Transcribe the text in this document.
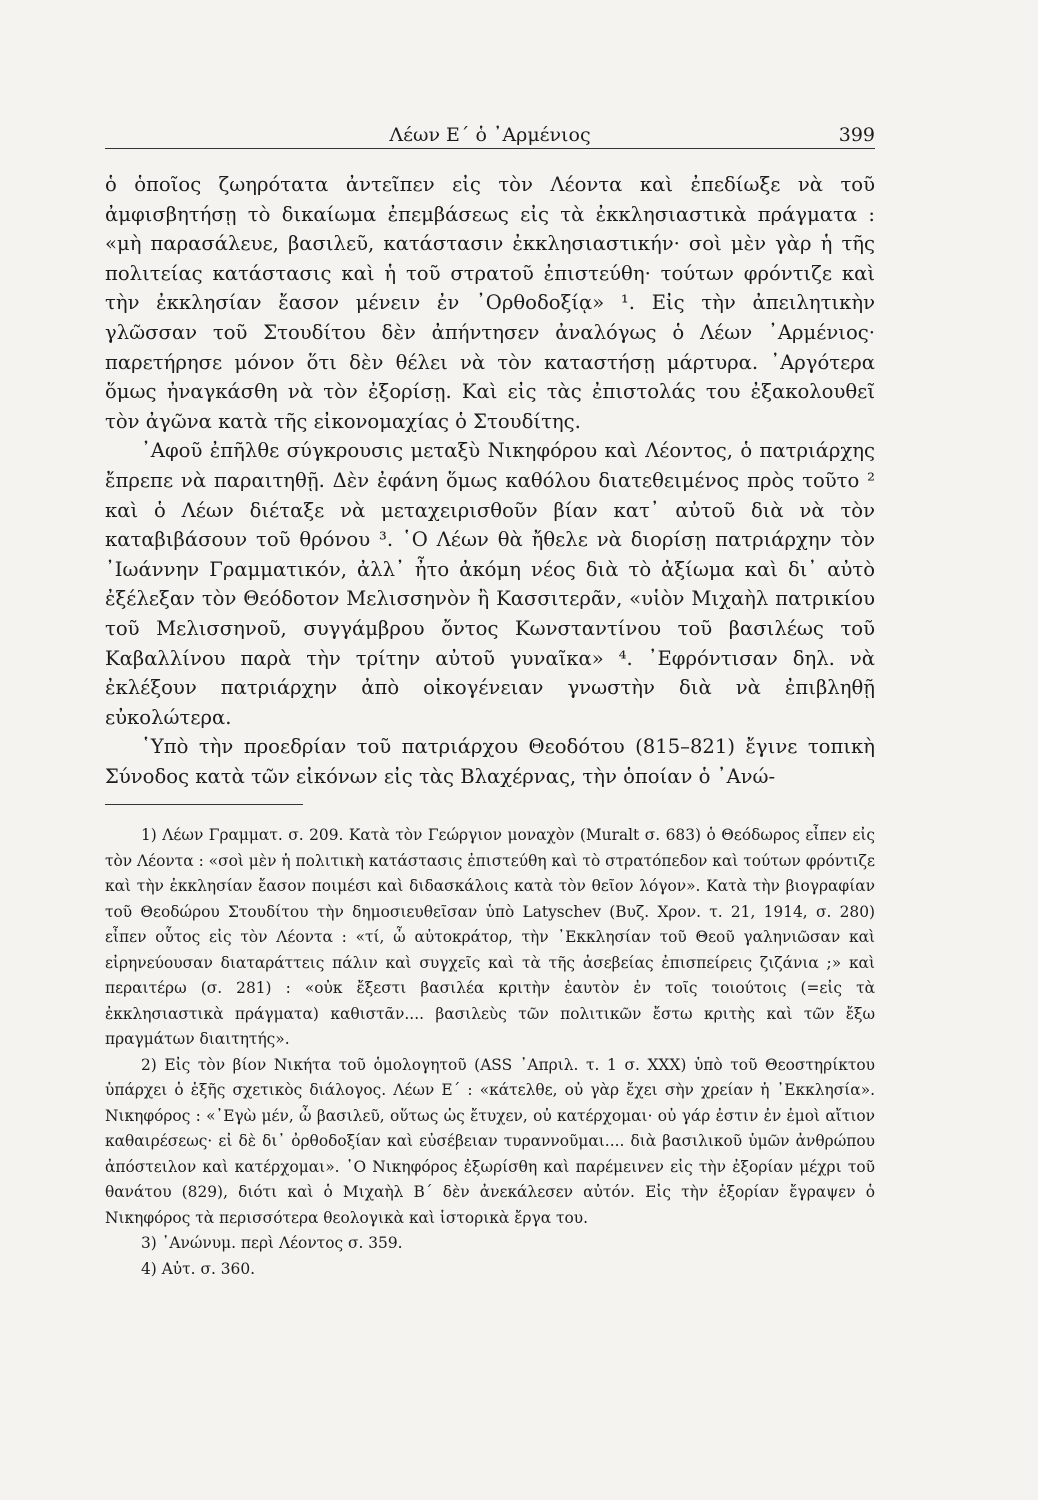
Λέων Ε΄ ὁ ᾿Αρμένιος	399

ὁ ὁποῖος ζωηρότατα ἀντεῖπεν εἰς τὸν Λέοντα καὶ ἐπεδίωξε νὰ τοῦ ἀμφισβητήσῃ τὸ δικαίωμα ἐπεμβάσεως εἰς τὰ ἐκκλησιαστικὰ πράγματα : «μὴ παρασάλευε, βασιλεῦ, κατάστασιν ἐκκλησιαστικήν· σοὶ μὲν γὰρ ἡ τῆς πολιτείας κατάστασις καὶ ἡ τοῦ στρατοῦ ἐπιστεύθη· τούτων φρόντιζε καὶ τὴν ἐκκλησίαν ἔασον μένειν ἐν ᾿Ορθοδοξίᾳ» ¹. Εἰς τὴν ἀπειλητικὴν γλῶσσαν τοῦ Στουδίτου δὲν ἀπήντησεν ἀναλόγως ὁ Λέων ᾿Αρμένιος· παρετήρησε μόνον ὅτι δὲν θέλει νὰ τὸν καταστήσῃ μάρτυρα. ᾿Αργότερα ὅμως ἠναγκάσθη νὰ τὸν ἐξορίσῃ. Καὶ εἰς τὰς ἐπιστολάς του ἐξακολουθεῖ τὸν ἀγῶνα κατὰ τῆς εἰκονομαχίας ὁ Στουδίτης.

᾿Αφοῦ ἐπῆλθε σύγκρουσις μεταξὺ Νικηφόρου καὶ Λέοντος, ὁ πατριάρχης ἔπρεπε νὰ παραιτηθῇ. Δὲν ἐφάνη ὅμως καθόλου διατεθειμένος πρὸς τοῦτο ² καὶ ὁ Λέων διέταξε νὰ μεταχειρισθοῦν βίαν κατ᾿ αὐτοῦ διὰ νὰ τὸν καταβιβάσουν τοῦ θρόνου ³. ῾Ο Λέων θὰ ἤθελε νὰ διορίσῃ πατριάρχην τὸν ᾿Ιωάννην Γραμματικόν, ἀλλ᾿ ἦτο ἀκόμη νέος διὰ τὸ ἀξίωμα καὶ δι᾿ αὐτὸ ἐξέλεξαν τὸν Θεόδοτον Μελισσηνὸν ἢ Κασσιτερᾶν, «υἱὸν Μιχαὴλ πατρικίου τοῦ Μελισσηνοῦ, συγγάμβρου ὄντος Κωνσταντίνου τοῦ βασιλέως τοῦ Καβαλλίνου παρὰ τὴν τρίτην αὐτοῦ γυναῖκα» ⁴. ᾿Εφρόντισαν δηλ. νὰ ἐκλέξουν πατριάρχην ἀπὸ οἰκογένειαν γνωστὴν διὰ νὰ ἐπιβληθῇ εὐκολώτερα.

῾Υπὸ τὴν προεδρίαν τοῦ πατριάρχου Θεοδότου (815–821) ἔγινε τοπικὴ Σύνοδος κατὰ τῶν εἰκόνων εἰς τὰς Βλαχέρνας, τὴν ὁποίαν ὁ ᾿Ανώ-

1) Λέων Γραμματ. σ. 209. Κατὰ τὸν Γεώργιον μοναχὸν (Muralt σ. 683) ὁ Θεόδωρος εἶπεν εἰς τὸν Λέοντα : «σοὶ μὲν ἡ πολιτικὴ κατάστασις ἐπιστεύθη καὶ τὸ στρατόπεδον καὶ τούτων φρόντιζε καὶ τὴν ἐκκλησίαν ἔασον ποιμέσι καὶ διδασκάλοις κατὰ τὸν θεῖον λόγον». Κατὰ τὴν βιογραφίαν τοῦ Θεοδώρου Στουδίτου τὴν δημοσιευθεῖσαν ὑπὸ Latyschev (Βυζ. Χρον. τ. 21, 1914, σ. 280) εἶπεν οὗτος εἰς τὸν Λέοντα : «τί, ὦ αὐτοκράτορ, τὴν ᾿Εκκλησίαν τοῦ Θεοῦ γαληνιῶσαν καὶ εἰρηνεύουσαν διαταράττεις πάλιν καὶ συγχεῖς καὶ τὰ τῆς ἀσεβείας ἐπισπείρεις ζιζάνια ;» καὶ περαιτέρω (σ. 281) : «οὐκ ἔξεστι βασιλέα κριτὴν ἑαυτὸν ἐν τοῖς τοιούτοις (=εἰς τὰ ἐκκλησιαστικὰ πράγματα) καθιστᾶν.... βασιλεὺς τῶν πολιτικῶν ἔστω κριτὴς καὶ τῶν ἔξω πραγμάτων διαιτητής».

2) Εἰς τὸν βίον Νικήτα τοῦ ὁμολογητοῦ (ASS ᾿Απριλ. τ. 1 σ. XXX) ὑπὸ τοῦ Θεοστηρίκτου ὑπάρχει ὁ ἑξῆς σχετικὸς διάλογος. Λέων Ε΄ : «κάτελθε, οὐ γὰρ ἔχει σὴν χρείαν ἡ ᾿Εκκλησία». Νικηφόρος : «᾿Εγὼ μέν, ὦ βασιλεῦ, οὕτως ὡς ἔτυχεν, οὐ κατέρχομαι· οὐ γάρ ἐστιν ἐν ἐμοὶ αἴτιον καθαιρέσεως· εἰ δὲ δι᾿ ὀρθοδοξίαν καὶ εὐσέβειαν τυραννοῦμαι.... διὰ βασιλικοῦ ὑμῶν ἀνθρώπου ἀπόστειλον καὶ κατέρχομαι». ῾Ο Νικηφόρος ἐξωρίσθη καὶ παρέμεινεν εἰς τὴν ἐξορίαν μέχρι τοῦ θανάτου (829), διότι καὶ ὁ Μιχαὴλ Β΄ δὲν ἀνεκάλεσεν αὐτόν. Εἰς τὴν ἐξορίαν ἔγραψεν ὁ Νικηφόρος τὰ περισσότερα θεολογικὰ καὶ ἱστορικὰ ἔργα του.

3) ᾿Ανώνυμ. περὶ Λέοντος σ. 359.

4) Αὐτ. σ. 360.
